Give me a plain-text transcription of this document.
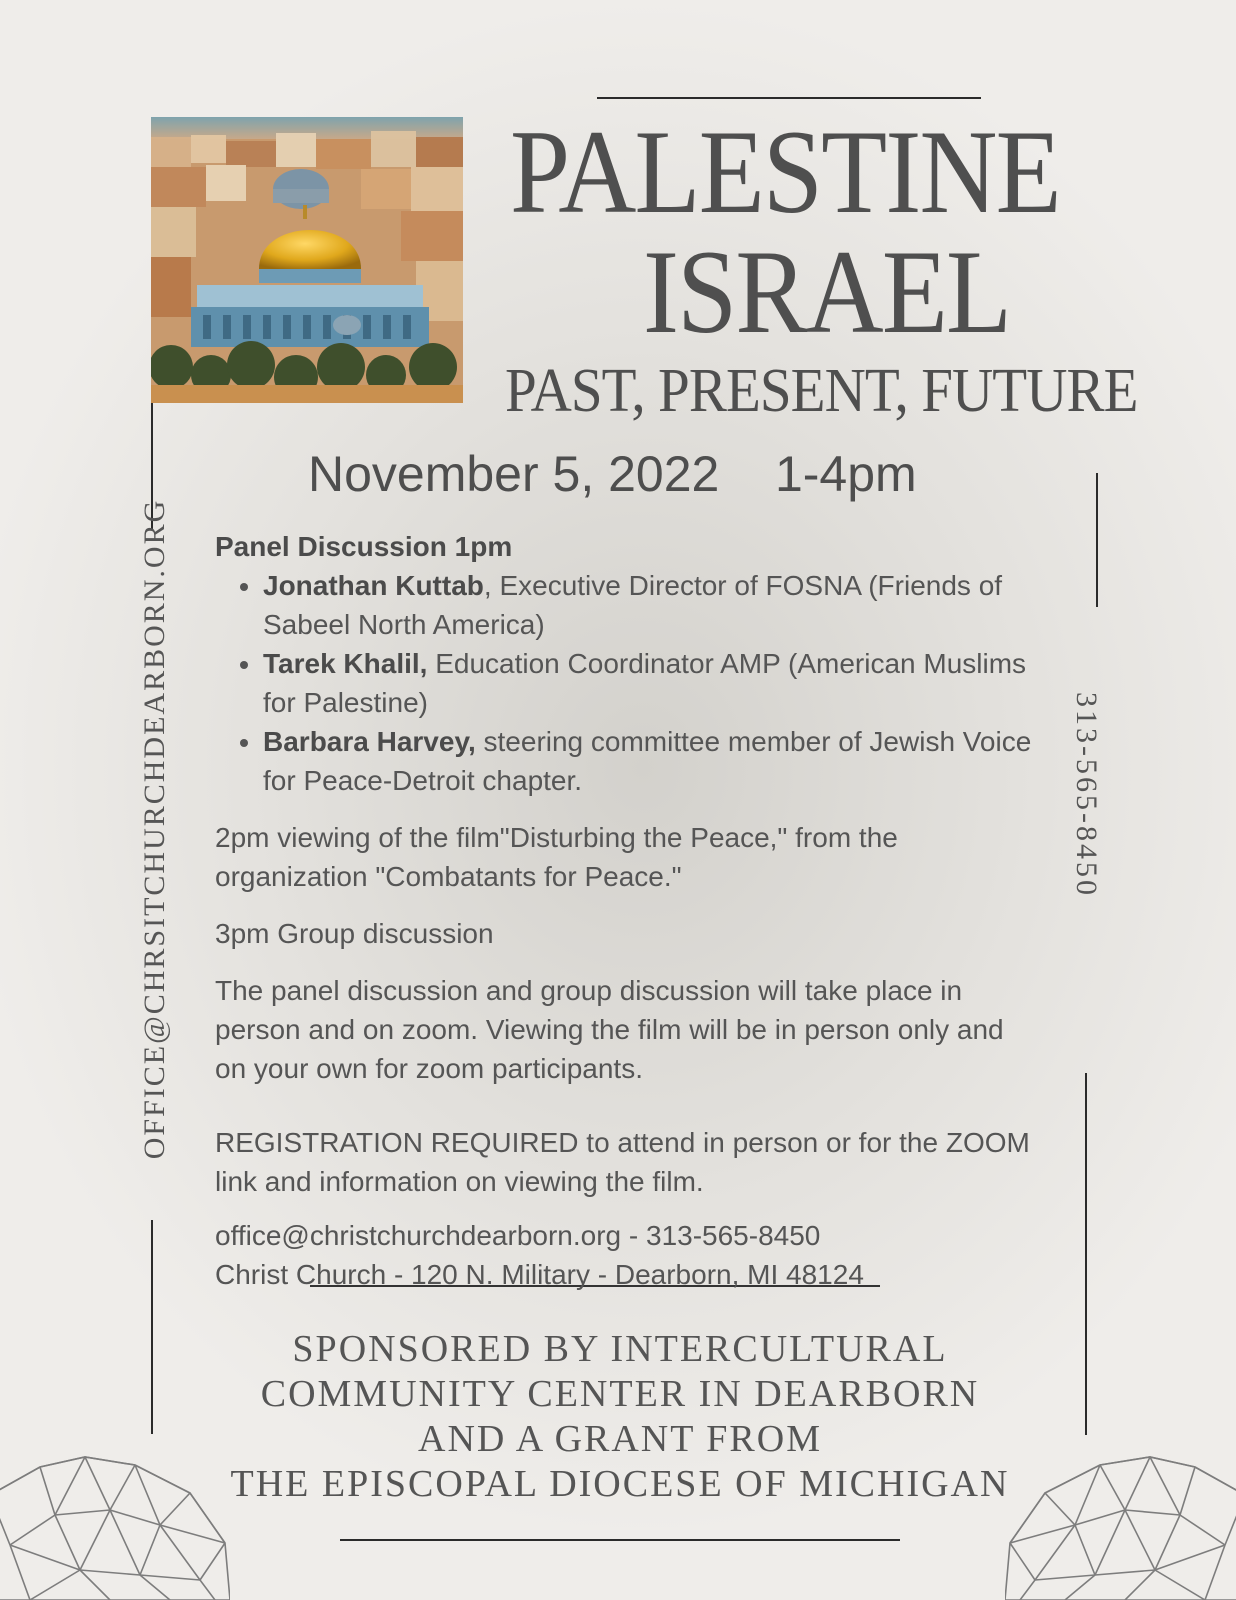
PALESTINE
ISRAEL
PAST, PRESENT, FUTURE
November 5, 2022 1-4pm
Panel Discussion 1pm
• Jonathan Kuttab, Executive Director of FOSNA (Friends of Sabeel North America)
• Tarek Khalil, Education Coordinator AMP (American Muslims for Palestine)
• Barbara Harvey, steering committee member of Jewish Voice for Peace-Detroit chapter.

2pm viewing of the film"Disturbing the Peace," from the organization "Combatants for Peace."

3pm Group discussion

The panel discussion and group discussion will take place in person and on zoom. Viewing the film will be in person only and on your own for zoom participants.

REGISTRATION REQUIRED to attend in person or for the ZOOM link and information on viewing the film.

office@christchurchdearborn.org - 313-565-8450

Christ Church - 120 N. Military - Dearborn, MI 48124

OFFICE@CHRSITCHURCHDEARBORN.ORG	313-565-8450
SPONSORED BY INTERCULTURAL
COMMUNITY CENTER IN DEARBORN
AND A GRANT FROM
THE EPISCOPAL DIOCESE OF MICHIGAN
